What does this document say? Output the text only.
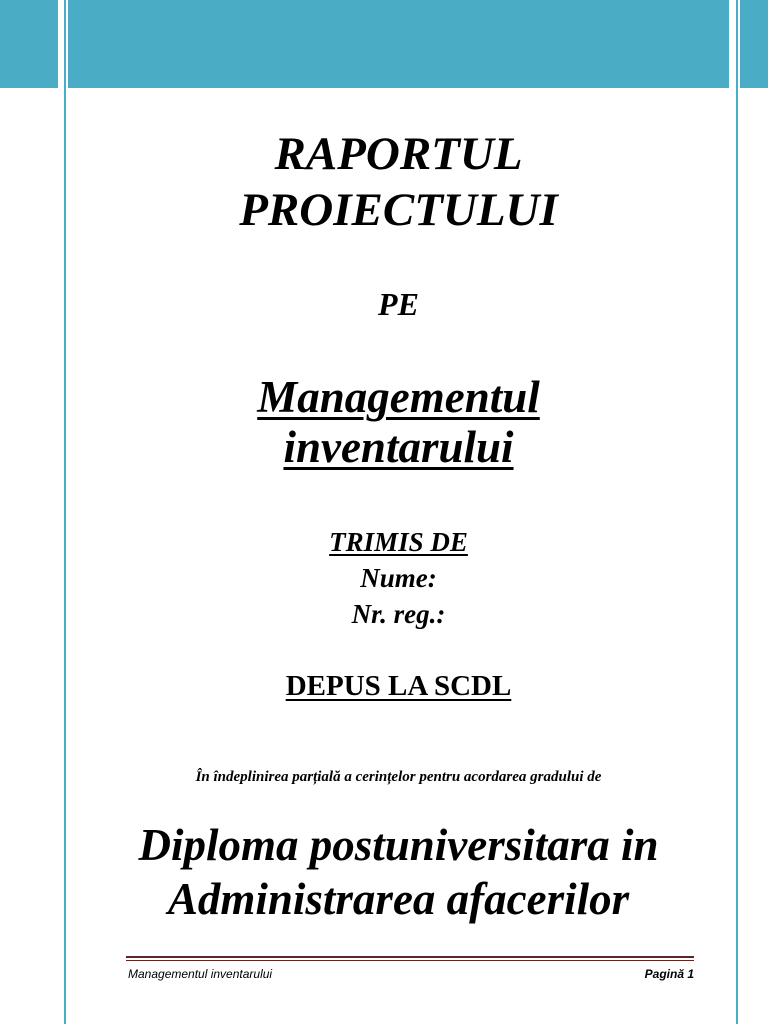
RAPORTUL
PROIECTULUI
PE
Managementul
inventarului
TRIMIS DE
Nume:
Nr. reg.:
DEPUS LA SCDL
În îndeplinirea parțială a cerințelor pentru acordarea gradului de
Diploma postuniversitara in
Administrarea afacerilor
Managementul inventarului	Pagină 1
